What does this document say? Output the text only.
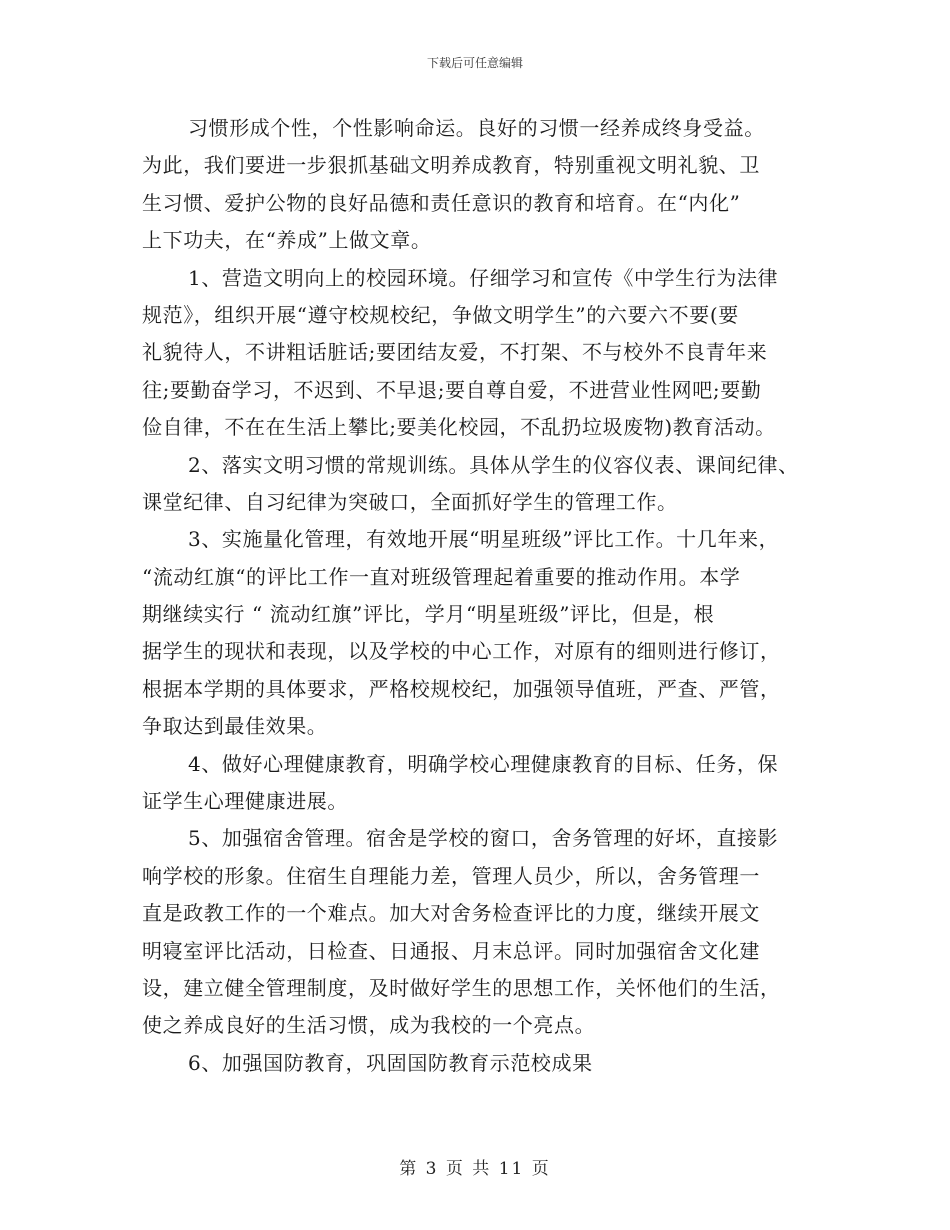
下载后可任意编辑
习惯形成个性，个性影响命运。良好的习惯一经养成终身受益。
为此，我们要进一步狠抓基础文明养成教育，特别重视文明礼貌、卫
生习惯、爱护公物的良好品德和责任意识的教育和培育。在“内化”
上下功夫，在“养成”上做文章。
1、营造文明向上的校园环境。仔细学习和宣传《中学生行为法律
规范》，组织开展“遵守校规校纪，争做文明学生”的六要六不要(要
礼貌待人，不讲粗话脏话;要团结友爱，不打架、不与校外不良青年来
往;要勤奋学习，不迟到、不早退;要自尊自爱，不进营业性网吧;要勤
俭自律，不在在生活上攀比;要美化校园，不乱扔垃圾废物)教育活动。
2、落实文明习惯的常规训练。具体从学生的仪容仪表、课间纪律、
课堂纪律、自习纪律为突破口，全面抓好学生的管理工作。
3、实施量化管理，有效地开展“明星班级”评比工作。十几年来，
“流动红旗“的评比工作一直对班级管理起着重要的推动作用。本学
期继续实行 “ 流动红旗”评比，学月“明星班级”评比，但是，根
据学生的现状和表现，以及学校的中心工作，对原有的细则进行修订，
根据本学期的具体要求，严格校规校纪，加强领导值班，严查、严管，
争取达到最佳效果。
4、做好心理健康教育，明确学校心理健康教育的目标、任务，保
证学生心理健康进展。
5、加强宿舍管理。宿舍是学校的窗口，舍务管理的好坏，直接影
响学校的形象。住宿生自理能力差，管理人员少，所以，舍务管理一
直是政教工作的一个难点。加大对舍务检查评比的力度，继续开展文
明寝室评比活动，日检查、日通报、月末总评。同时加强宿舍文化建
设，建立健全管理制度，及时做好学生的思想工作，关怀他们的生活，
使之养成良好的生活习惯，成为我校的一个亮点。
6、加强国防教育，巩固国防教育示范校成果
第 3 页 共 11 页
